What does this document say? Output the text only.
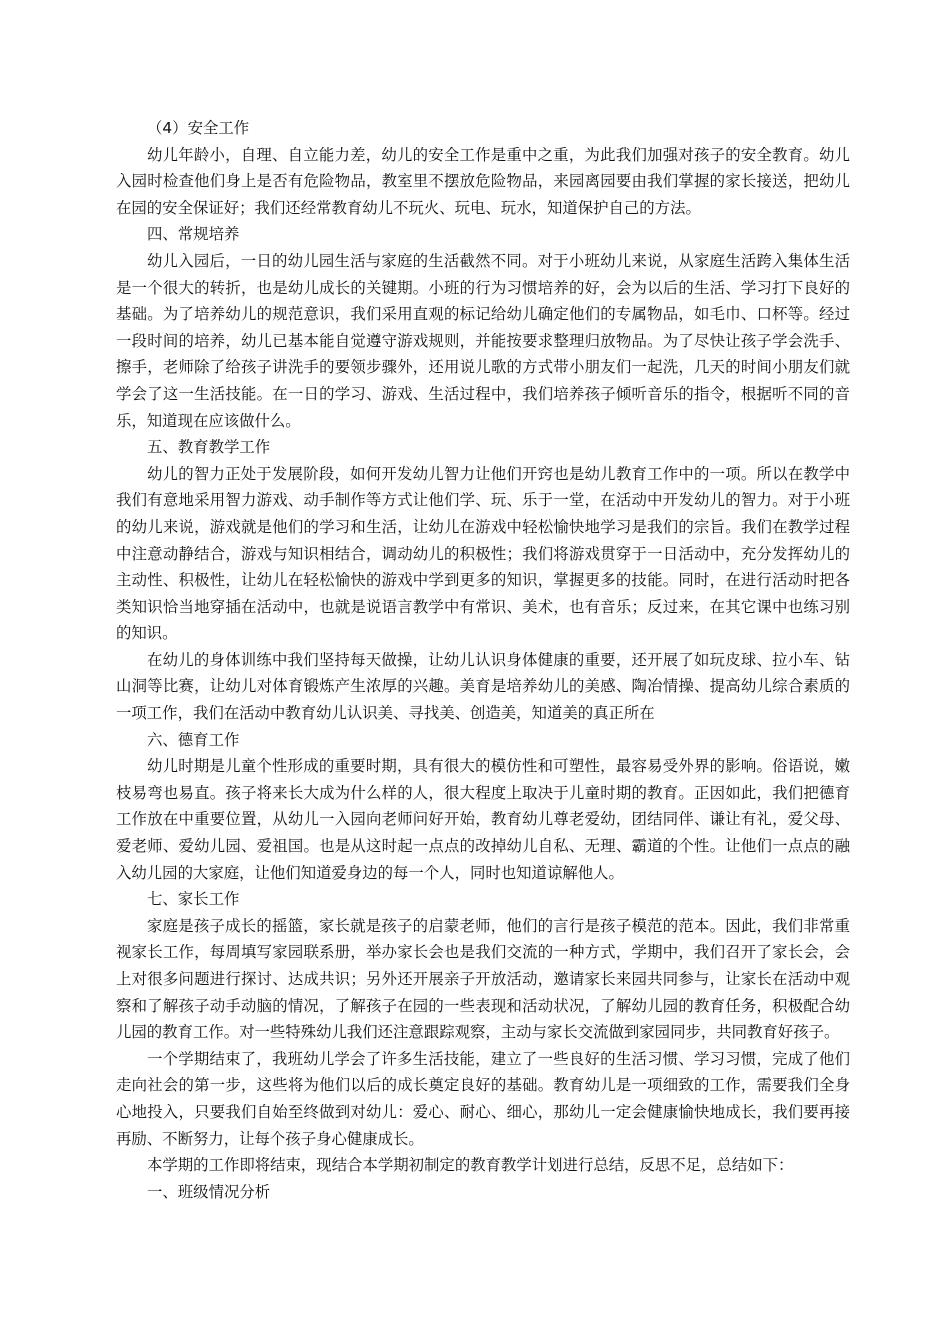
（4）安全工作

幼儿年龄小，自理、自立能力差，幼儿的安全工作是重中之重，为此我们加强对孩子的安全教育。幼儿入园时检查他们身上是否有危险物品，教室里不摆放危险物品，来园离园要由我们掌握的家长接送，把幼儿在园的安全保证好；我们还经常教育幼儿不玩火、玩电、玩水，知道保护自己的方法。

四、常规培养

幼儿入园后，一日的幼儿园生活与家庭的生活截然不同。对于小班幼儿来说，从家庭生活跨入集体生活是一个很大的转折，也是幼儿成长的关键期。小班的行为习惯培养的好，会为以后的生活、学习打下良好的基础。为了培养幼儿的规范意识，我们采用直观的标记给幼儿确定他们的专属物品，如毛巾、口杯等。经过一段时间的培养，幼儿已基本能自觉遵守游戏规则，并能按要求整理归放物品。为了尽快让孩子学会洗手、擦手，老师除了给孩子讲洗手的要领步骤外，还用说儿歌的方式带小朋友们一起洗，几天的时间小朋友们就学会了这一生活技能。在一日的学习、游戏、生活过程中，我们培养孩子倾听音乐的指令，根据听不同的音乐，知道现在应该做什么。

五、教育教学工作

幼儿的智力正处于发展阶段，如何开发幼儿智力让他们开窍也是幼儿教育工作中的一项。所以在教学中我们有意地采用智力游戏、动手制作等方式让他们学、玩、乐于一堂，在活动中开发幼儿的智力。对于小班的幼儿来说，游戏就是他们的学习和生活，让幼儿在游戏中轻松愉快地学习是我们的宗旨。我们在教学过程中注意动静结合，游戏与知识相结合，调动幼儿的积极性；我们将游戏贯穿于一日活动中，充分发挥幼儿的主动性、积极性，让幼儿在轻松愉快的游戏中学到更多的知识，掌握更多的技能。同时，在进行活动时把各类知识恰当地穿插在活动中，也就是说语言教学中有常识、美术，也有音乐；反过来，在其它课中也练习别的知识。

在幼儿的身体训练中我们坚持每天做操，让幼儿认识身体健康的重要，还开展了如玩皮球、拉小车、钻山洞等比赛，让幼儿对体育锻炼产生浓厚的兴趣。美育是培养幼儿的美感、陶冶情操、提高幼儿综合素质的一项工作，我们在活动中教育幼儿认识美、寻找美、创造美，知道美的真正所在

六、德育工作

幼儿时期是儿童个性形成的重要时期，具有很大的模仿性和可塑性，最容易受外界的影响。俗语说，嫩枝易弯也易直。孩子将来长大成为什么样的人，很大程度上取决于儿童时期的教育。正因如此，我们把德育工作放在中重要位置，从幼儿一入园向老师问好开始，教育幼儿尊老爱幼，团结同伴、谦让有礼，爱父母、爱老师、爱幼儿园、爱祖国。也是从这时起一点点的改掉幼儿自私、无理、霸道的个性。让他们一点点的融入幼儿园的大家庭，让他们知道爱身边的每一个人，同时也知道谅解他人。

七、家长工作

家庭是孩子成长的摇篮，家长就是孩子的启蒙老师，他们的言行是孩子模范的范本。因此，我们非常重视家长工作，每周填写家园联系册，举办家长会也是我们交流的一种方式，学期中，我们召开了家长会，会上对很多问题进行探讨、达成共识；另外还开展亲子开放活动，邀请家长来园共同参与，让家长在活动中观察和了解孩子动手动脑的情况，了解孩子在园的一些表现和活动状况，了解幼儿园的教育任务，积极配合幼儿园的教育工作。对一些特殊幼儿我们还注意跟踪观察，主动与家长交流做到家园同步，共同教育好孩子。

一个学期结束了，我班幼儿学会了许多生活技能，建立了一些良好的生活习惯、学习习惯，完成了他们走向社会的第一步，这些将为他们以后的成长奠定良好的基础。教育幼儿是一项细致的工作，需要我们全身心地投入，只要我们自始至终做到对幼儿：爱心、耐心、细心，那幼儿一定会健康愉快地成长，我们要再接再励、不断努力，让每个孩子身心健康成长。

本学期的工作即将结束，现结合本学期初制定的教育教学计划进行总结，反思不足，总结如下：

一、班级情况分析
